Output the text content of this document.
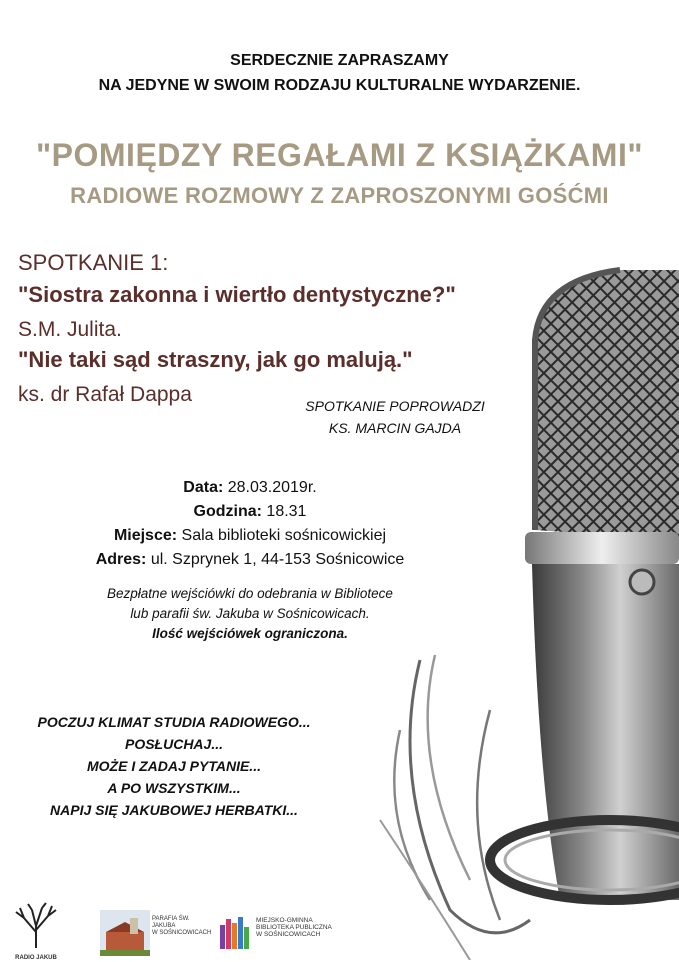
SERDECZNIE ZAPRASZAMY
NA JEDYNE W SWOIM RODZAJU KULTURALNE WYDARZENIE.
"POMIĘDZY REGAŁAMI Z KSIĄŻKAMI"
RADIOWE ROZMOWY Z ZAPROSZONYMI GOŚĆMI
SPOTKANIE 1:
"Siostra zakonna i wiertło dentystyczne?"
S.M. Julita.
"Nie taki sąd straszny, jak go malują."
ks. dr Rafał Dappa	SPOTKANIE POPROWADZI
KS. MARCIN GAJDA
Data: 28.03.2019r.
Godzina: 18.31
Miejsce: Sala biblioteki sośnicowickiej
Adres: ul. Szprynek 1, 44-153 Sośnicowice
Bezpłatne wejściówki do odebrania w Bibliotece
lub parafii św. Jakuba w Sośnicowicach.
Ilość wejściówek ograniczona.
POCZUJ KLIMAT STUDIA RADIOWEGO...
POSŁUCHAJ...
MOŻE I ZADAJ PYTANIE...
A PO WSZYSTKIM...
NAPIJ SIĘ JAKUBOWEJ HERBATKI...
RADIO JAKUB
PARAFIA ŚW. JAKUBA
W SOŚNICOWICACH
MIEJSKO-GMINNA
BIBLIOTEKA PUBLICZNA
W SOŚNICOWICACH
